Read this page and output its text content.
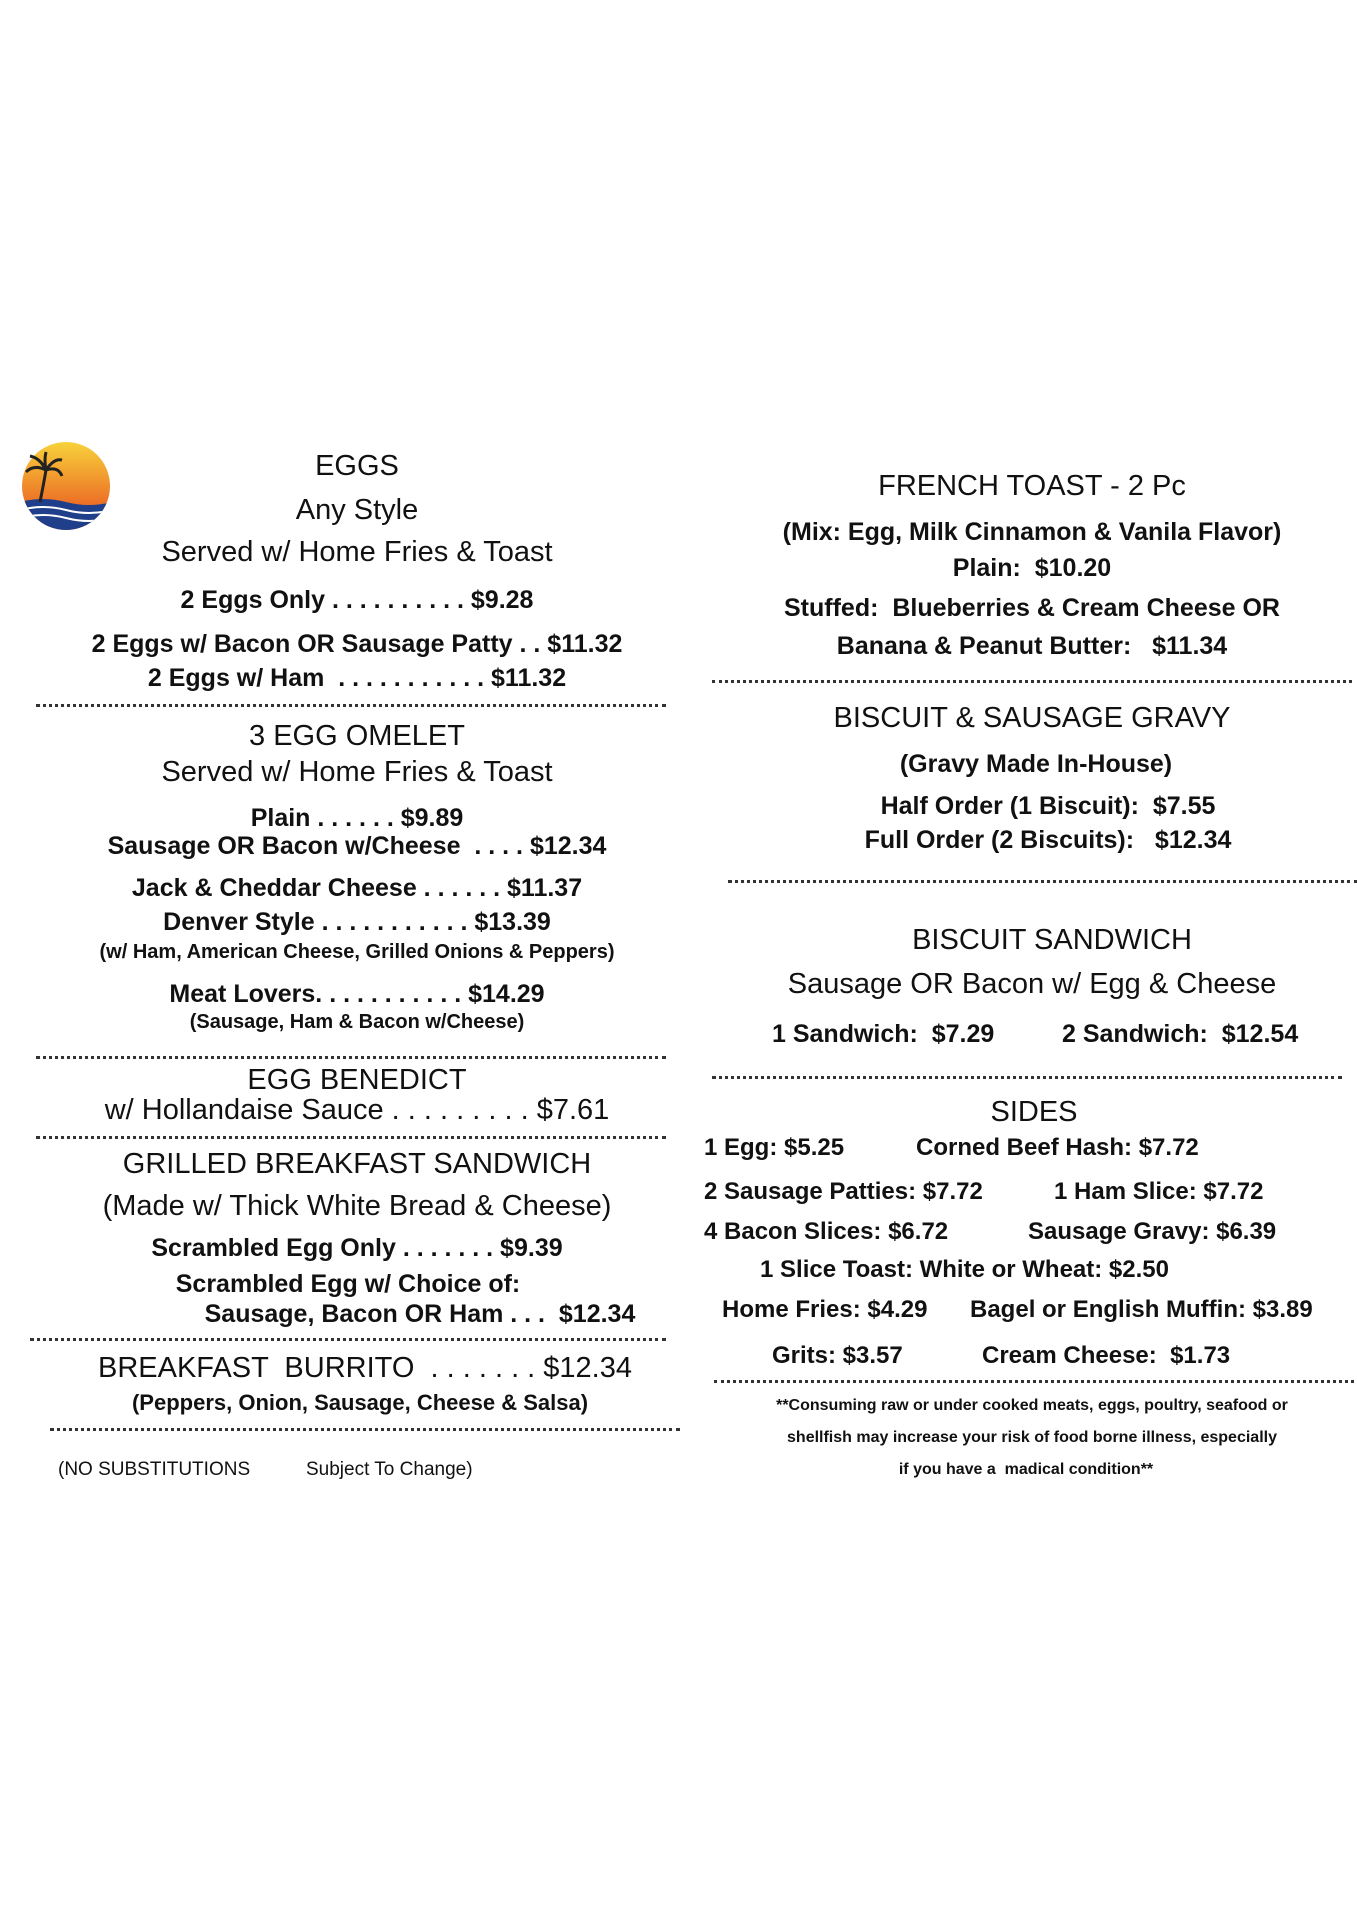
EGGS
Any Style
Served w/ Home Fries & Toast
2 Eggs Only . . . . . . . . . . $9.28
2 Eggs w/ Bacon OR Sausage Patty . . $11.32
2 Eggs w/ Ham  . . . . . . . . . . . $11.32
3 EGG OMELET
Served w/ Home Fries & Toast
Plain . . . . . . $9.89
Sausage OR Bacon w/Cheese  . . . . $12.34
Jack & Cheddar Cheese . . . . . . $11.37
Denver Style . . . . . . . . . . . $13.39
(w/ Ham, American Cheese, Grilled Onions & Peppers)
Meat Lovers. . . . . . . . . . . $14.29
(Sausage, Ham & Bacon w/Cheese)
EGG BENEDICT
w/ Hollandaise Sauce . . . . . . . . . $7.61
GRILLED BREAKFAST SANDWICH
(Made w/ Thick White Bread & Cheese)
Scrambled Egg Only . . . . . . . $9.39
Scrambled Egg w/ Choice of:
Sausage, Bacon OR Ham . . .  $12.34
BREAKFAST  BURRITO  . . . . . . . $12.34
(Peppers, Onion, Sausage, Cheese & Salsa)
(NO SUBSTITUTIONS	Subject To Change)
FRENCH TOAST - 2 Pc
(Mix: Egg, Milk Cinnamon & Vanila Flavor)
Plain:  $10.20
Stuffed:  Blueberries & Cream Cheese OR
Banana & Peanut Butter:   $11.34
BISCUIT & SAUSAGE GRAVY
(Gravy Made In-House)
Half Order (1 Biscuit):  $7.55
Full Order (2 Biscuits):   $12.34
BISCUIT SANDWICH
Sausage OR Bacon w/ Egg & Cheese
1 Sandwich:  $7.29	2 Sandwich:  $12.54
SIDES
1 Egg: $5.25	Corned Beef Hash: $7.72
2 Sausage Patties: $7.72	1 Ham Slice: $7.72
4 Bacon Slices: $6.72	Sausage Gravy: $6.39
1 Slice Toast: White or Wheat: $2.50
Home Fries: $4.29 Bagel or English Muffin: $3.89
Grits: $3.57	Cream Cheese:  $1.73
**Consuming raw or under cooked meats, eggs, poultry, seafood or
shellfish may increase your risk of food borne illness, especially
if you have a  madical condition**
